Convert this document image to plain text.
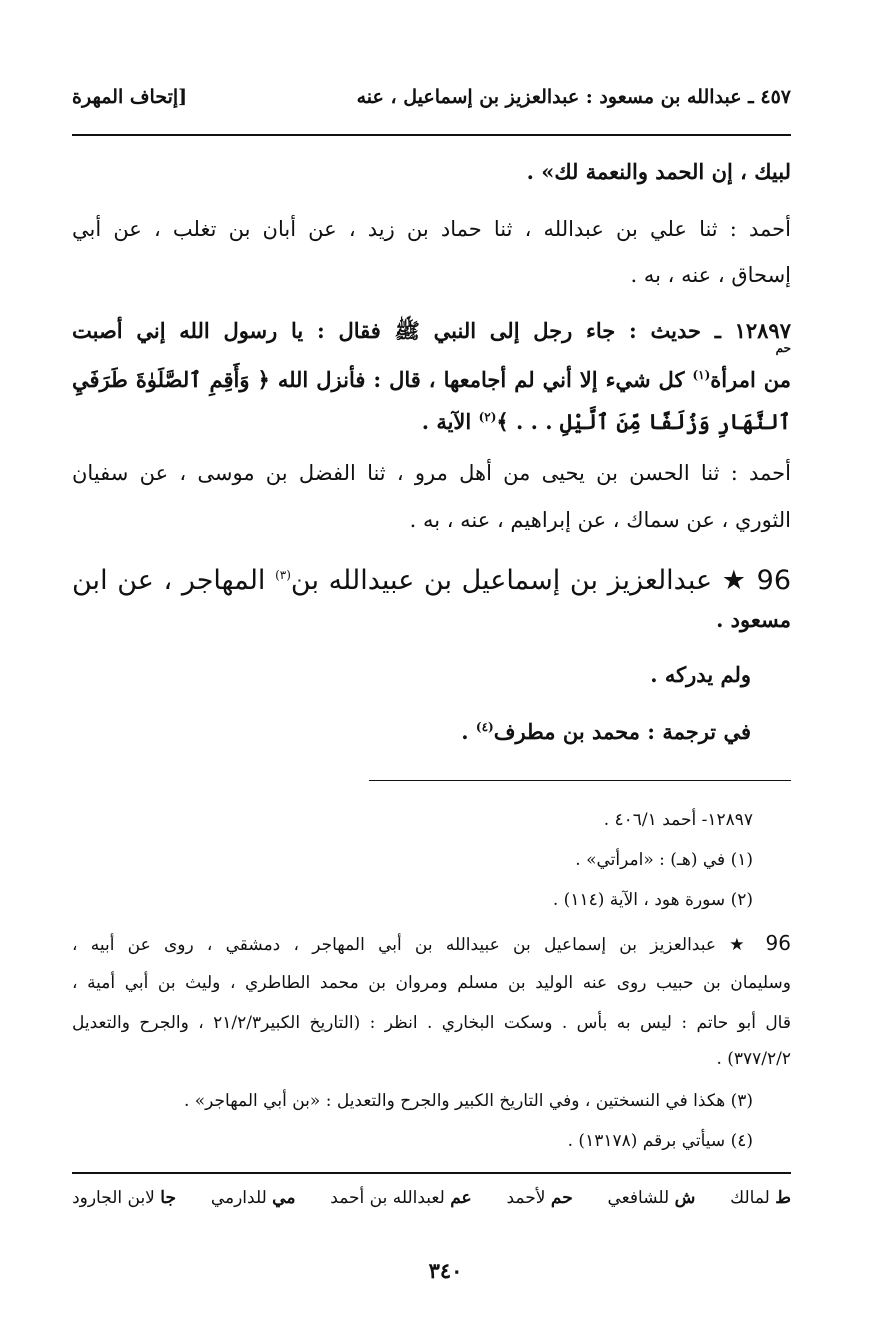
٤٥٧ ـ عبدالله بن مسعود : عبدالعزيز بن إسماعيل ، عنه
[إتحاف المهرة
لبيك ، إن الحمد والنعمة لك» .
أحمد : ثنا علي بن عبدالله ، ثنا حماد بن زيد ، عن أبان بن تغلب ، عن أبي
إسحاق ، عنه ، به .
١٢٨٩٧ ـ حديث : جاء رجل إلى النبي ﷺ فقال : يا رسول الله إني أصبت
حم
من امرأة$^{(١)}$ كل شيء إلا أني لم أجامعها ، قال : فأنزل الله ﴿ وَأَقِمِ ٱلصَّلَوٰةَ طَرَفَيِ
ٱلنَّهَارِ وَزُلَفًا مِّنَ ٱلَّيْلِ . . . ﴾$^{(٢)}$ الآية .
أحمد : ثنا الحسن بن يحيى من أهل مرو ، ثنا الفضل بن موسى ، عن سفيان
الثوري ، عن سماك ، عن إبراهيم ، عنه ، به .
96 ★ عبدالعزيز بن إسماعيل بن عبيدالله بن$^{(٣)}$ المهاجر ، عن ابن
مسعود .
ولم يدركه .
في ترجمة : محمد بن مطرف$^{(٤)}$ .
١٢٨٩٧- أحمد ٤٠٦/١ .
(١) في (هـ) : «امرأتي» .
(٢) سورة هود ، الآية (١١٤) .
96 ★ عبدالعزيز بن إسماعيل بن عبيدالله بن أبي المهاجر ، دمشقي ، روى عن أبيه ،
وسليمان بن حبيب روى عنه الوليد بن مسلم ومروان بن محمد الطاطري ، وليث بن أبي أمية ،
قال أبو حاتم : ليس به بأس . وسكت البخاري . انظر : (التاريخ الكبير٢١/٢/٣ ، والجرح والتعديل
٣٧٧/٢/٢) .
(٣) هكذا في النسختين ، وفي التاريخ الكبير والجرح والتعديل : «بن أبي المهاجر» .
(٤) سيأتي برقم (١٣١٧٨) .
ط لمالك
ش للشافعي
حم لأحمد
عم لعبدالله بن أحمد
مي للدارمي
جا لابن الجارود
٣٤٠
